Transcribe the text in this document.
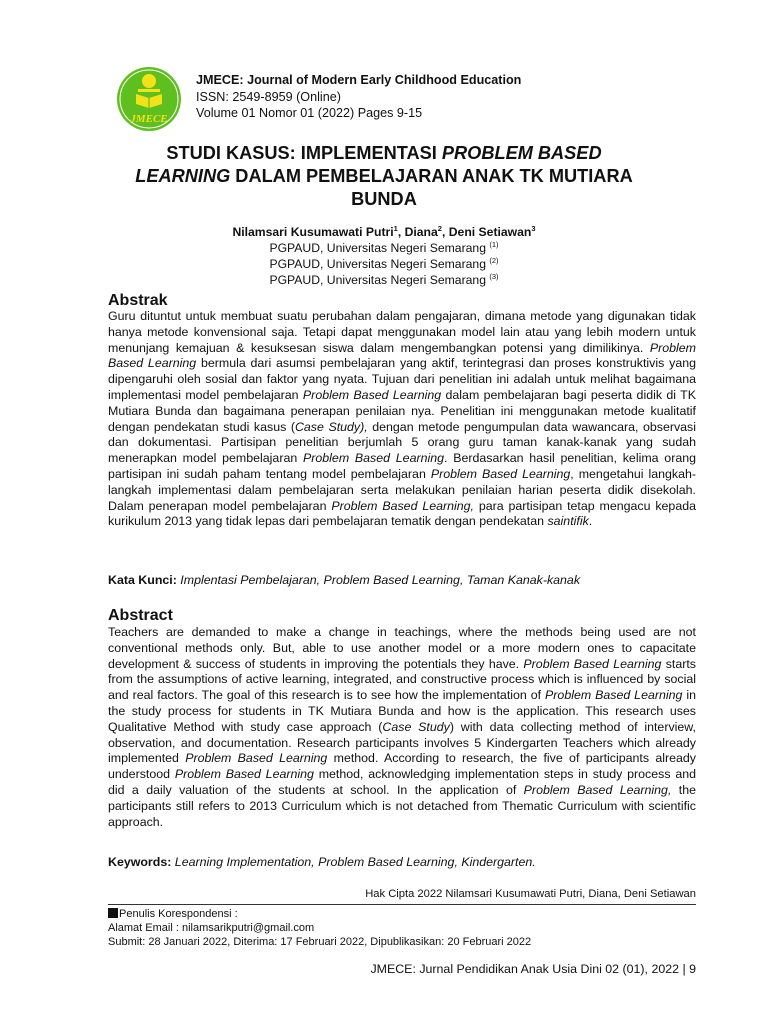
JMECE
JMECE: Journal of Modern Early Childhood Education
ISSN: 2549-8959 (Online)
Volume 01 Nomor 01 (2022) Pages 9-15
STUDI KASUS: IMPLEMENTASI PROBLEM BASED
LEARNING DALAM PEMBELAJARAN ANAK TK MUTIARA
BUNDA
Nilamsari Kusumawati Putri$^1$, Diana$^2$, Deni Setiawan$^3$
PGPAUD, Universitas Negeri Semarang $^{(1)}$
PGPAUD, Universitas Negeri Semarang $^{(2)}$
PGPAUD, Universitas Negeri Semarang $^{(3)}$
Abstrak
Guru dituntut untuk membuat suatu perubahan dalam pengajaran, dimana metode yang digunakan tidak hanya metode konvensional saja. Tetapi dapat menggunakan model lain atau yang lebih modern untuk menunjang kemajuan & kesuksesan siswa dalam mengembangkan potensi yang dimilikinya. Problem Based Learning bermula dari asumsi pembelajaran yang aktif, terintegrasi dan proses konstruktivis yang dipengaruhi oleh sosial dan faktor yang nyata. Tujuan dari penelitian ini adalah untuk melihat bagaimana implementasi model pembelajaran Problem Based Learning dalam pembelajaran bagi peserta didik di TK Mutiara Bunda dan bagaimana penerapan penilaian nya. Penelitian ini menggunakan metode kualitatif dengan pendekatan studi kasus (Case Study), dengan metode pengumpulan data wawancara, observasi dan dokumentasi. Partisipan penelitian berjumlah 5 orang guru taman kanak-kanak yang sudah menerapkan model pembelajaran Problem Based Learning. Berdasarkan hasil penelitian, kelima orang partisipan ini sudah paham tentang model pembelajaran Problem Based Learning, mengetahui langkah-langkah implementasi dalam pembelajaran serta melakukan penilaian harian peserta didik disekolah. Dalam penerapan model pembelajaran Problem Based Learning, para partisipan tetap mengacu kepada kurikulum 2013 yang tidak lepas dari pembelajaran tematik dengan pendekatan saintifik.
Kata Kunci: Implentasi Pembelajaran, Problem Based Learning, Taman Kanak-kanak
Abstract
Teachers are demanded to make a change in teachings, where the methods being used are not conventional methods only. But, able to use another model or a more modern ones to capacitate development & success of students in improving the potentials they have. Problem Based Learning starts from the assumptions of active learning, integrated, and constructive process which is influenced by social and real factors. The goal of this research is to see how the implementation of Problem Based Learning in the study process for students in TK Mutiara Bunda and how is the application. This research uses Qualitative Method with study case approach (Case Study) with data collecting method of interview, observation, and documentation. Research participants involves 5 Kindergarten Teachers which already implemented Problem Based Learning method. According to research, the five of participants already understood Problem Based Learning method, acknowledging implementation steps in study process and did a daily valuation of the students at school. In the application of Problem Based Learning, the participants still refers to 2013 Curriculum which is not detached from Thematic Curriculum with scientific approach.
Keywords: Learning Implementation, Problem Based Learning, Kindergarten.
Hak Cipta 2022 Nilamsari Kusumawati Putri, Diana, Deni Setiawan
Penulis Korespondensi :
Alamat Email : nilamsarikputri@gmail.com
Submit: 28 Januari 2022, Diterima: 17 Februari 2022, Dipublikasikan: 20 Februari 2022
JMECE: Jurnal Pendidikan Anak Usia Dini 02 (01), 2022 | 9
